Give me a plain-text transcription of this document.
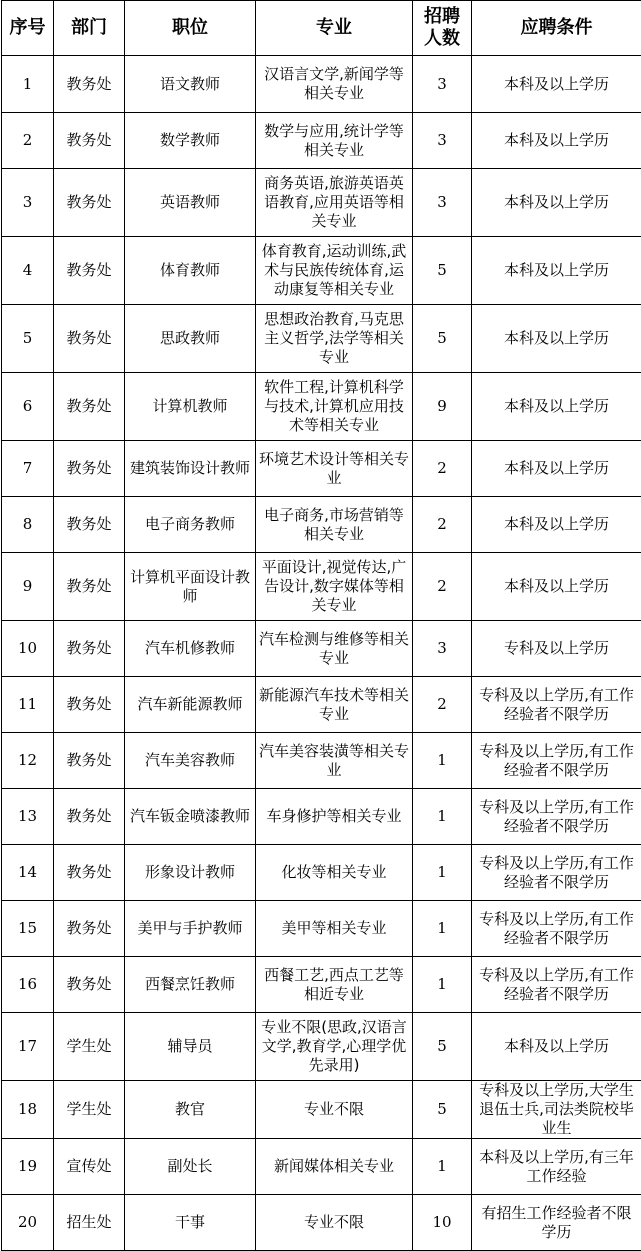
序号	部门	职位	专业	招聘人数	应聘条件
1	教务处	语文教师	汉语言文学,新闻学等相关专业	3	本科及以上学历
2	教务处	数学教师	数学与应用,统计学等相关专业	3	本科及以上学历
3	教务处	英语教师	商务英语,旅游英语英语教育,应用英语等相关专业	3	本科及以上学历
4	教务处	体育教师	体育教育,运动训练,武术与民族传统体育,运动康复等相关专业	5	本科及以上学历
5	教务处	思政教师	思想政治教育,马克思主义哲学,法学等相关专业	5	本科及以上学历
6	教务处	计算机教师	软件工程,计算机科学与技术,计算机应用技术等相关专业	9	本科及以上学历
7	教务处	建筑装饰设计教师	环境艺术设计等相关专业	2	本科及以上学历
8	教务处	电子商务教师	电子商务,市场营销等相关专业	2	本科及以上学历
9	教务处	计算机平面设计教师	平面设计,视觉传达,广告设计,数字媒体等相关专业	2	本科及以上学历
10	教务处	汽车机修教师	汽车检测与维修等相关专业	3	专科及以上学历
11	教务处	汽车新能源教师	新能源汽车技术等相关专业	2	专科及以上学历,有工作经验者不限学历
12	教务处	汽车美容教师	汽车美容装潢等相关专业	1	专科及以上学历,有工作经验者不限学历
13	教务处	汽车钣金喷漆教师	车身修护等相关专业	1	专科及以上学历,有工作经验者不限学历
14	教务处	形象设计教师	化妆等相关专业	1	专科及以上学历,有工作经验者不限学历
15	教务处	美甲与手护教师	美甲等相关专业	1	专科及以上学历,有工作经验者不限学历
16	教务处	西餐烹饪教师	西餐工艺,西点工艺等相近专业	1	专科及以上学历,有工作经验者不限学历
17	学生处	辅导员	专业不限(思政,汉语言文学,教育学,心理学优先录用)	5	本科及以上学历
18	学生处	教官	专业不限	5	专科及以上学历,大学生退伍士兵,司法类院校毕业生
19	宣传处	副处长	新闻媒体相关专业	1	本科及以上学历,有三年工作经验
20	招生处	干事	专业不限	10	有招生工作经验者不限学历
